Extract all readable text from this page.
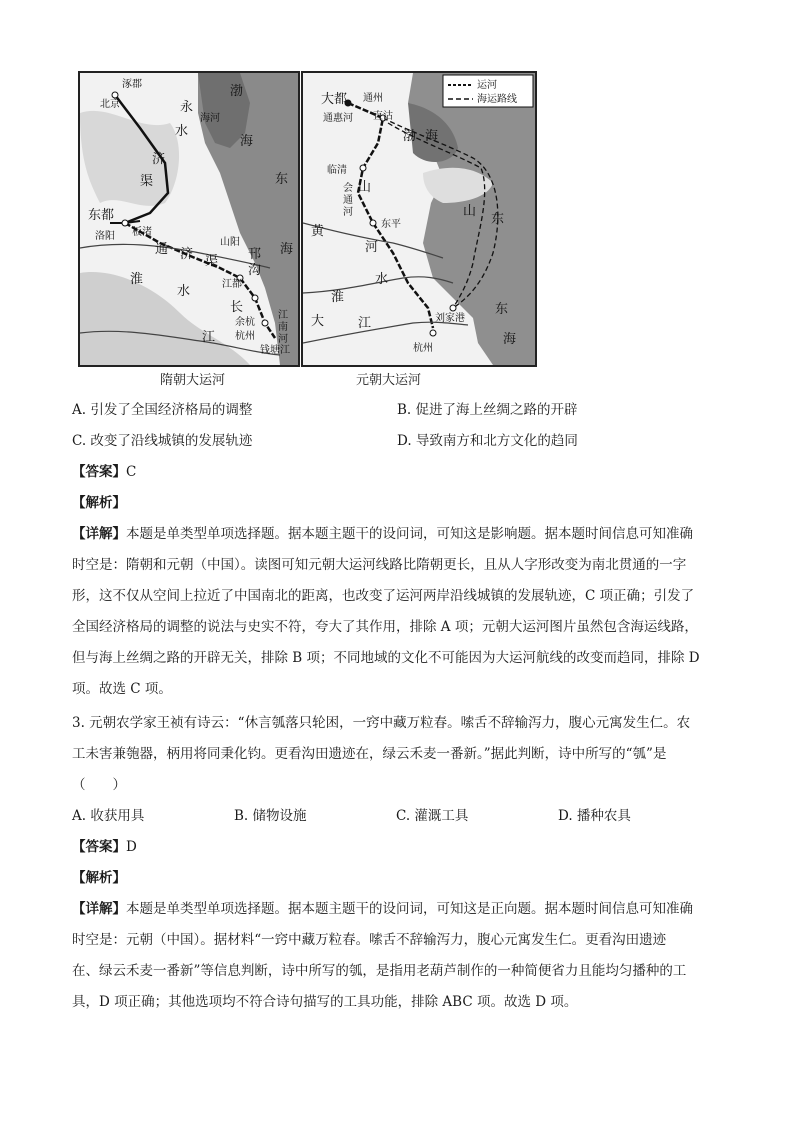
涿郡
北京
渤
海河
海
水
济
渠
永
东
海
东都
洛阳 板渚
通 济 渠
淮
水
山阳
邗
沟
江都
长
江
江
南
河
余杭
杭州
钱塘江
运河
海运路线
大都 通州
通惠河 直沽
渤 海
临清
会
通
河
山
东平
山
东
黄
河
淮
水
大	江	刘家港
杭州
东
海
隋朝大运河	元朝大运河
A. 引发了全国经济格局的调整	B. 促进了海上丝绸之路的开辟
C. 改变了沿线城镇的发展轨迹	D. 导致南方和北方文化的趋同
【答案】C
【解析】
【详解】本题是单类型单项选择题。据本题主题干的设问词，可知这是影响题。据本题时间信息可知准确
时空是：隋朝和元朝（中国）。读图可知元朝大运河线路比隋朝更长，且从人字形改变为南北贯通的一字
形，这不仅从空间上拉近了中国南北的距离，也改变了运河两岸沿线城镇的发展轨迹，C 项正确；引发了
全国经济格局的调整的说法与史实不符，夸大了其作用，排除 A 项；元朝大运河图片虽然包含海运线路，
但与海上丝绸之路的开辟无关，排除 B 项；不同地域的文化不可能因为大运河航线的改变而趋同，排除 D
项。故选 C 项。
3. 元朝农学家王祯有诗云：“休言瓠落只轮困，一窍中藏万粒春。嗦舌不辞输泻力，腹心元寓发生仁。农
工未害兼匏器，柄用将同秉化钧。更看沟田遗迹在，绿云禾麦一番新。”据此判断，诗中所写的“瓠”是
（　　）
A. 收获用具	B. 储物设施	C. 灌溉工具	D. 播种农具
【答案】D
【解析】
【详解】本题是单类型单项选择题。据本题主题干的设问词，可知这是正向题。据本题时间信息可知准确
时空是：元朝（中国）。据材料“一窍中藏万粒春。嗦舌不辞输泻力，腹心元寓发生仁。更看沟田遗迹
在、绿云禾麦一番新”等信息判断，诗中所写的瓠，是指用老葫芦制作的一种简便省力且能均匀播种的工
具，D 项正确；其他选项均不符合诗句描写的工具功能，排除 ABC 项。故选 D 项。
